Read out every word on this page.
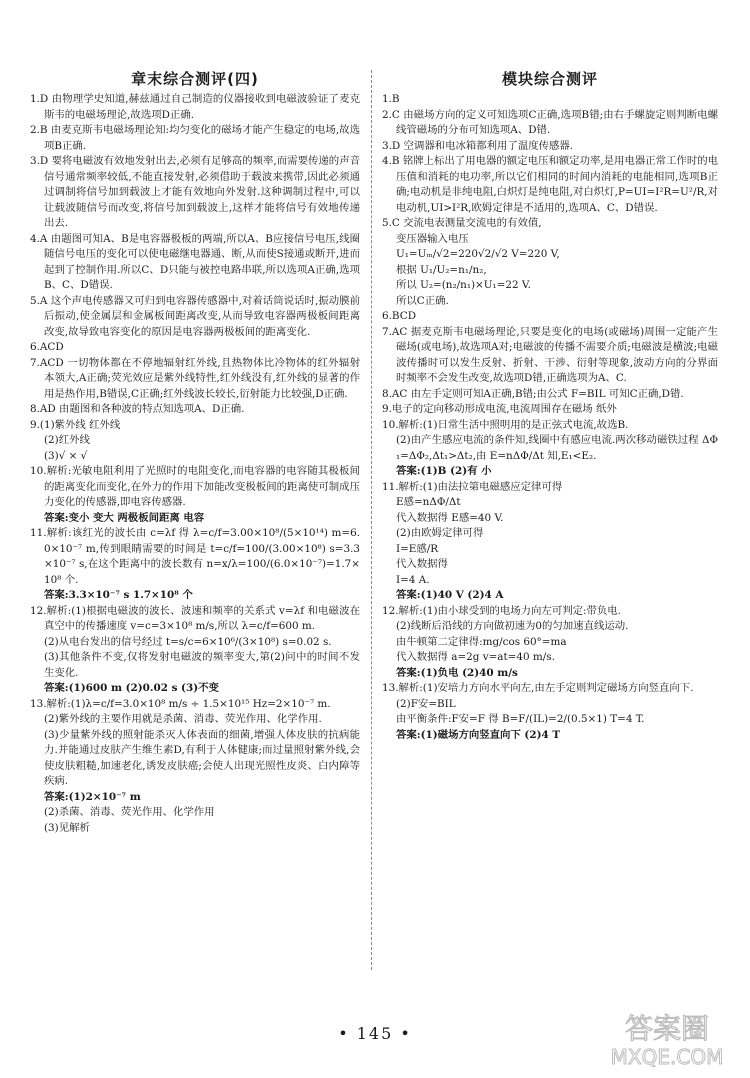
章末综合测评(四)

1.D 由物理学史知道,赫兹通过自己制造的仪器接收到电磁波验证了麦克斯韦的电磁场理论,故选项D正确.

2.B 由麦克斯韦电磁场理论知:均匀变化的磁场才能产生稳定的电场,故选项B正确.

3.D 要将电磁波有效地发射出去,必须有足够高的频率,而需要传递的声音信号通常频率较低,不能直接发射,必须借助于载波来携带,因此必须通过调制将信号加到载波上才能有效地向外发射.这种调制过程中,可以让载波随信号而改变,将信号加到载波上,这样才能将信号有效地传递出去.

4.A 由题图可知A、B是电容器极板的两端,所以A、B应接信号电压,线圈随信号电压的变化可以使电磁继电器通、断,从而使S接通或断开,进而起到了控制作用.所以C、D只能与被控电路串联,所以选项A正确,选项B、C、D错误.

5.A 这个声电传感器又可归到电容器传感器中,对着话筒说话时,振动膜前后振动,使金属层和金属板间距离改变,从而导致电容器两极板间距离改变,故导致电容变化的原因是电容器两极板间的距离变化.

6.ACD

7.ACD 一切物体都在不停地辐射红外线,且热物体比冷物体的红外辐射本领大,A正确;荧光效应是紫外线特性,红外线没有,红外线的显著的作用是热作用,B错误,C正确;红外线波长较长,衍射能力比较强,D正确.

8.AD 由题图和各种波的特点知选项A、D正确.

9.(1)紫外线 红外线

(2)红外线

(3)√ × √

10.解析:光敏电阻利用了光照时的电阻变化,而电容器的电容随其极板间的距离变化而变化,在外力的作用下加能改变极板间的距离使可制成压力变化的传感器,即电容传感器.

答案:变小 变大 两极板间距离 电容

11.解析:该红光的波长由 c=λf 得 λ=c/f=3.00×10⁸/(5×10¹⁴) m=6.0×10⁻⁷ m,传到眼睛需要的时间是 t=c/f=100/(3.00×10⁸) s=3.3×10⁻⁷ s,在这个距离中的波长数有 n=x/λ=100/(6.0×10⁻⁷)=1.7×10⁸ 个.

答案:3.3×10⁻⁷ s 1.7×10⁸ 个

12.解析:(1)根据电磁波的波长、波速和频率的关系式 v=λf 和电磁波在真空中的传播速度 v=c=3×10⁸ m/s,所以 λ=c/f=600 m.

(2)从电台发出的信号经过 t=s/c=6×10⁶/(3×10⁸) s=0.02 s.

(3)其他条件不变,仅将发射电磁波的频率变大,第(2)问中的时间不发生变化.

答案:(1)600 m (2)0.02 s (3)不变

13.解析:(1)λ=c/f=3.0×10⁸ m/s ÷ 1.5×10¹⁵ Hz=2×10⁻⁷ m.

(2)紫外线的主要作用就是杀菌、消毒、荧光作用、化学作用.

(3)少量紫外线的照射能杀灭人体表面的细菌,增强人体皮肤的抗病能力.并能通过皮肤产生维生素D,有利于人体健康;而过量照射紫外线,会使皮肤粗糙,加速老化,诱发皮肤癌;会使人出现光照性皮炎、白内障等疾病.

答案:(1)2×10⁻⁷ m

(2)杀菌、消毒、荧光作用、化学作用

(3)见解析

模块综合测评

1.B

2.C 由磁场方向的定义可知选项C正确,选项B错;由右手螺旋定则判断电螺线管磁场的分布可知选项A、D错.

3.D 空调器和电冰箱都利用了温度传感器.

4.B 铭牌上标出了用电器的额定电压和额定功率,是用电器正常工作时的电压值和消耗的电功率,所以它们相同的时间内消耗的电能相同,选项B正确;电动机是非纯电阻,白炽灯是纯电阻,对白炽灯,P=UI=I²R=U²/R,对电动机,UI>I²R,欧姆定律是不适用的,选项A、C、D错误.

5.C 交流电表测量交流电的有效值,

变压器输入电压

U₁=Uₘ/√2=220√2/√2 V=220 V,

根据 U₁/U₂=n₁/n₂,

所以 U₂=(n₂/n₁)×U₁=22 V.

所以C正确.

6.BCD

7.AC 据麦克斯韦电磁场理论,只要是变化的电场(或磁场)周围一定能产生磁场(或电场),故选项A对;电磁波的传播不需要介质;电磁波是横波;电磁波传播时可以发生反射、折射、干涉、衍射等现象,波动方向的分界面时频率不会发生改变,故选项D错,正确选项为A、C.

8.AC 由左手定则可知A正确,B错;由公式 F=BIL 可知C正确,D错.

9.电子的定向移动形成电流,电流周围存在磁场 纸外

10.解析:(1)日常生活中照明用的是正弦式电流,故选B.

(2)由产生感应电流的条件知,线圈中有感应电流.两次移动磁铁过程 ΔΦ₁=ΔΦ₂,Δt₁>Δt₂,由 E=nΔΦ/Δt 知,E₁<E₂.

答案:(1)B (2)有 小

11.解析:(1)由法拉第电磁感应定律可得

E感=nΔΦ/Δt

代入数据得 E感=40 V.

(2)由欧姆定律可得

I=E感/R

代入数据得

I=4 A.

答案:(1)40 V (2)4 A

12.解析:(1)由小球受到的电场力向左可判定:带负电.

(2)线断后沿线的方向做初速为0的匀加速直线运动.

由牛顿第二定律得:mg/cos 60°=ma

代入数据得 a=2g v=at=40 m/s.

答案:(1)负电 (2)40 m/s

13.解析:(1)安培力方向水平向左,由左手定则判定磁场方向竖直向下.

(2)F安=BIL

由平衡条件:F安=F 得 B=F/(IL)=2/(0.5×1) T=4 T.

答案:(1)磁场方向竖直向下 (2)4 T

• 145 •	答案圈
MXQE.COM
